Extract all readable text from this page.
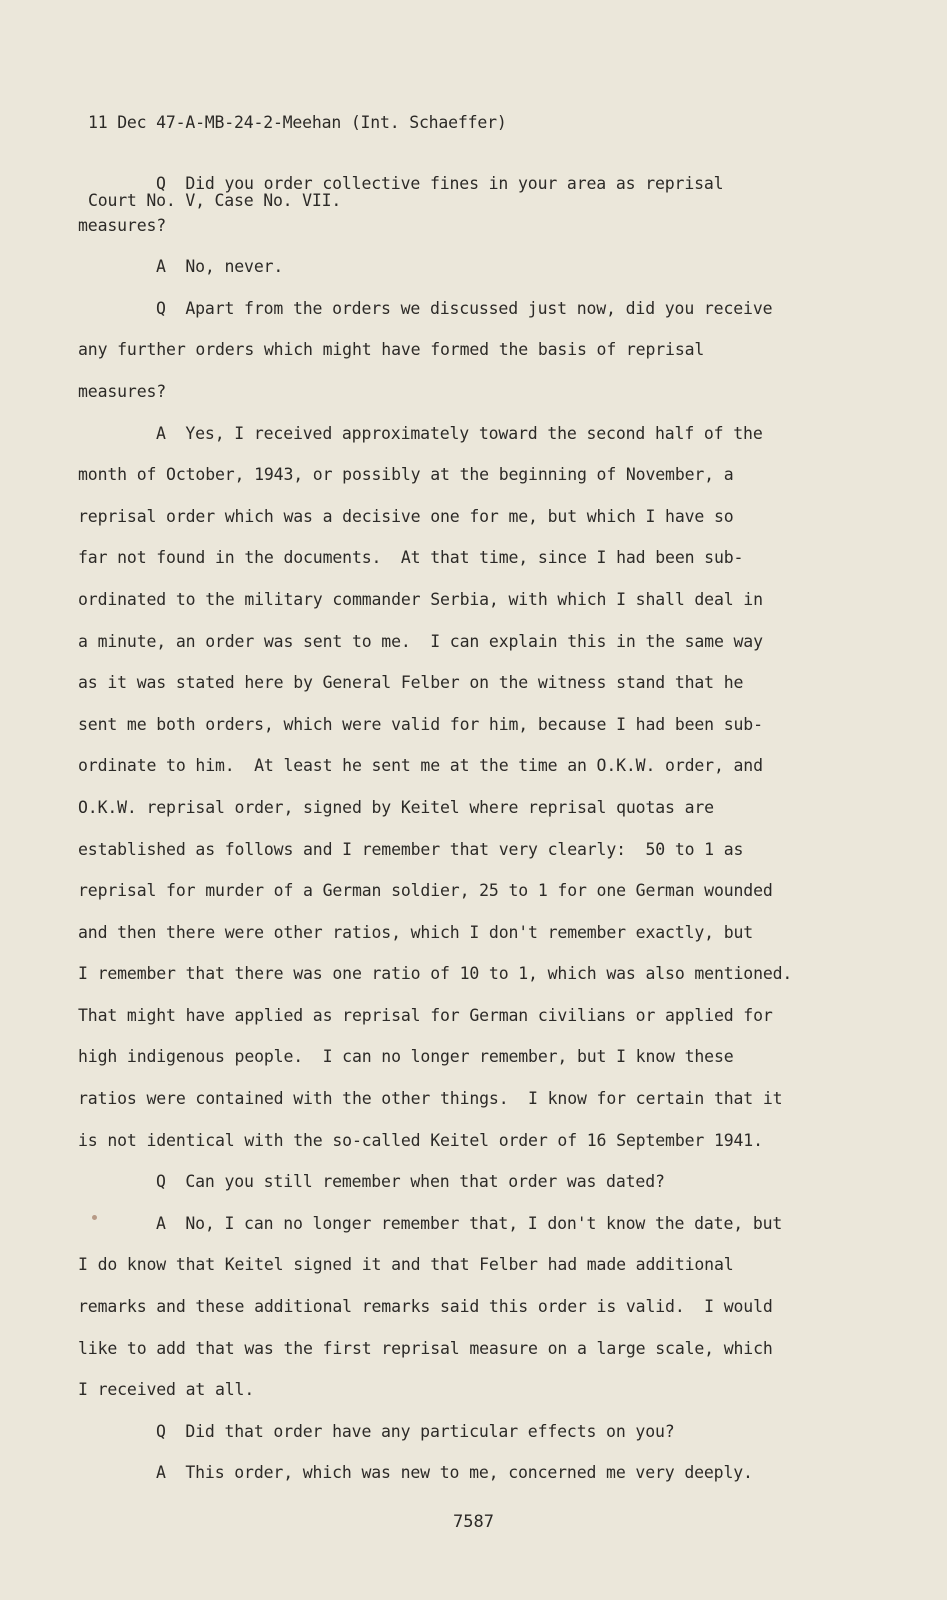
11 Dec 47-A-MB-24-2-Meehan (Int. Schaeffer)

Court No. V, Case No. VII.

Q  Did you order collective fines in your area as reprisal
measures?
A  No, never.
Q  Apart from the orders we discussed just now, did you receive
any further orders which might have formed the basis of reprisal
measures?
A  Yes, I received approximately toward the second half of the
month of October, 1943, or possibly at the beginning of November, a
reprisal order which was a decisive one for me, but which I have so
far not found in the documents.  At that time, since I had been sub-
ordinated to the military commander Serbia, with which I shall deal in
a minute, an order was sent to me.  I can explain this in the same way
as it was stated here by General Felber on the witness stand that he
sent me both orders, which were valid for him, because I had been sub-
ordinate to him.  At least he sent me at the time an O.K.W. order, and
O.K.W. reprisal order, signed by Keitel where reprisal quotas are
established as follows and I remember that very clearly:  50 to 1 as
reprisal for murder of a German soldier, 25 to 1 for one German wounded
and then there were other ratios, which I don't remember exactly, but
I remember that there was one ratio of 10 to 1, which was also mentioned.
That might have applied as reprisal for German civilians or applied for
high indigenous people.  I can no longer remember, but I know these
ratios were contained with the other things.  I know for certain that it
is not identical with the so-called Keitel order of 16 September 1941.
Q  Can you still remember when that order was dated?
A  No, I can no longer remember that, I don't know the date, but
I do know that Keitel signed it and that Felber had made additional
remarks and these additional remarks said this order is valid.  I would
like to add that was the first reprisal measure on a large scale, which
I received at all.
Q  Did that order have any particular effects on you?
A  This order, which was new to me, concerned me very deeply.
7587
